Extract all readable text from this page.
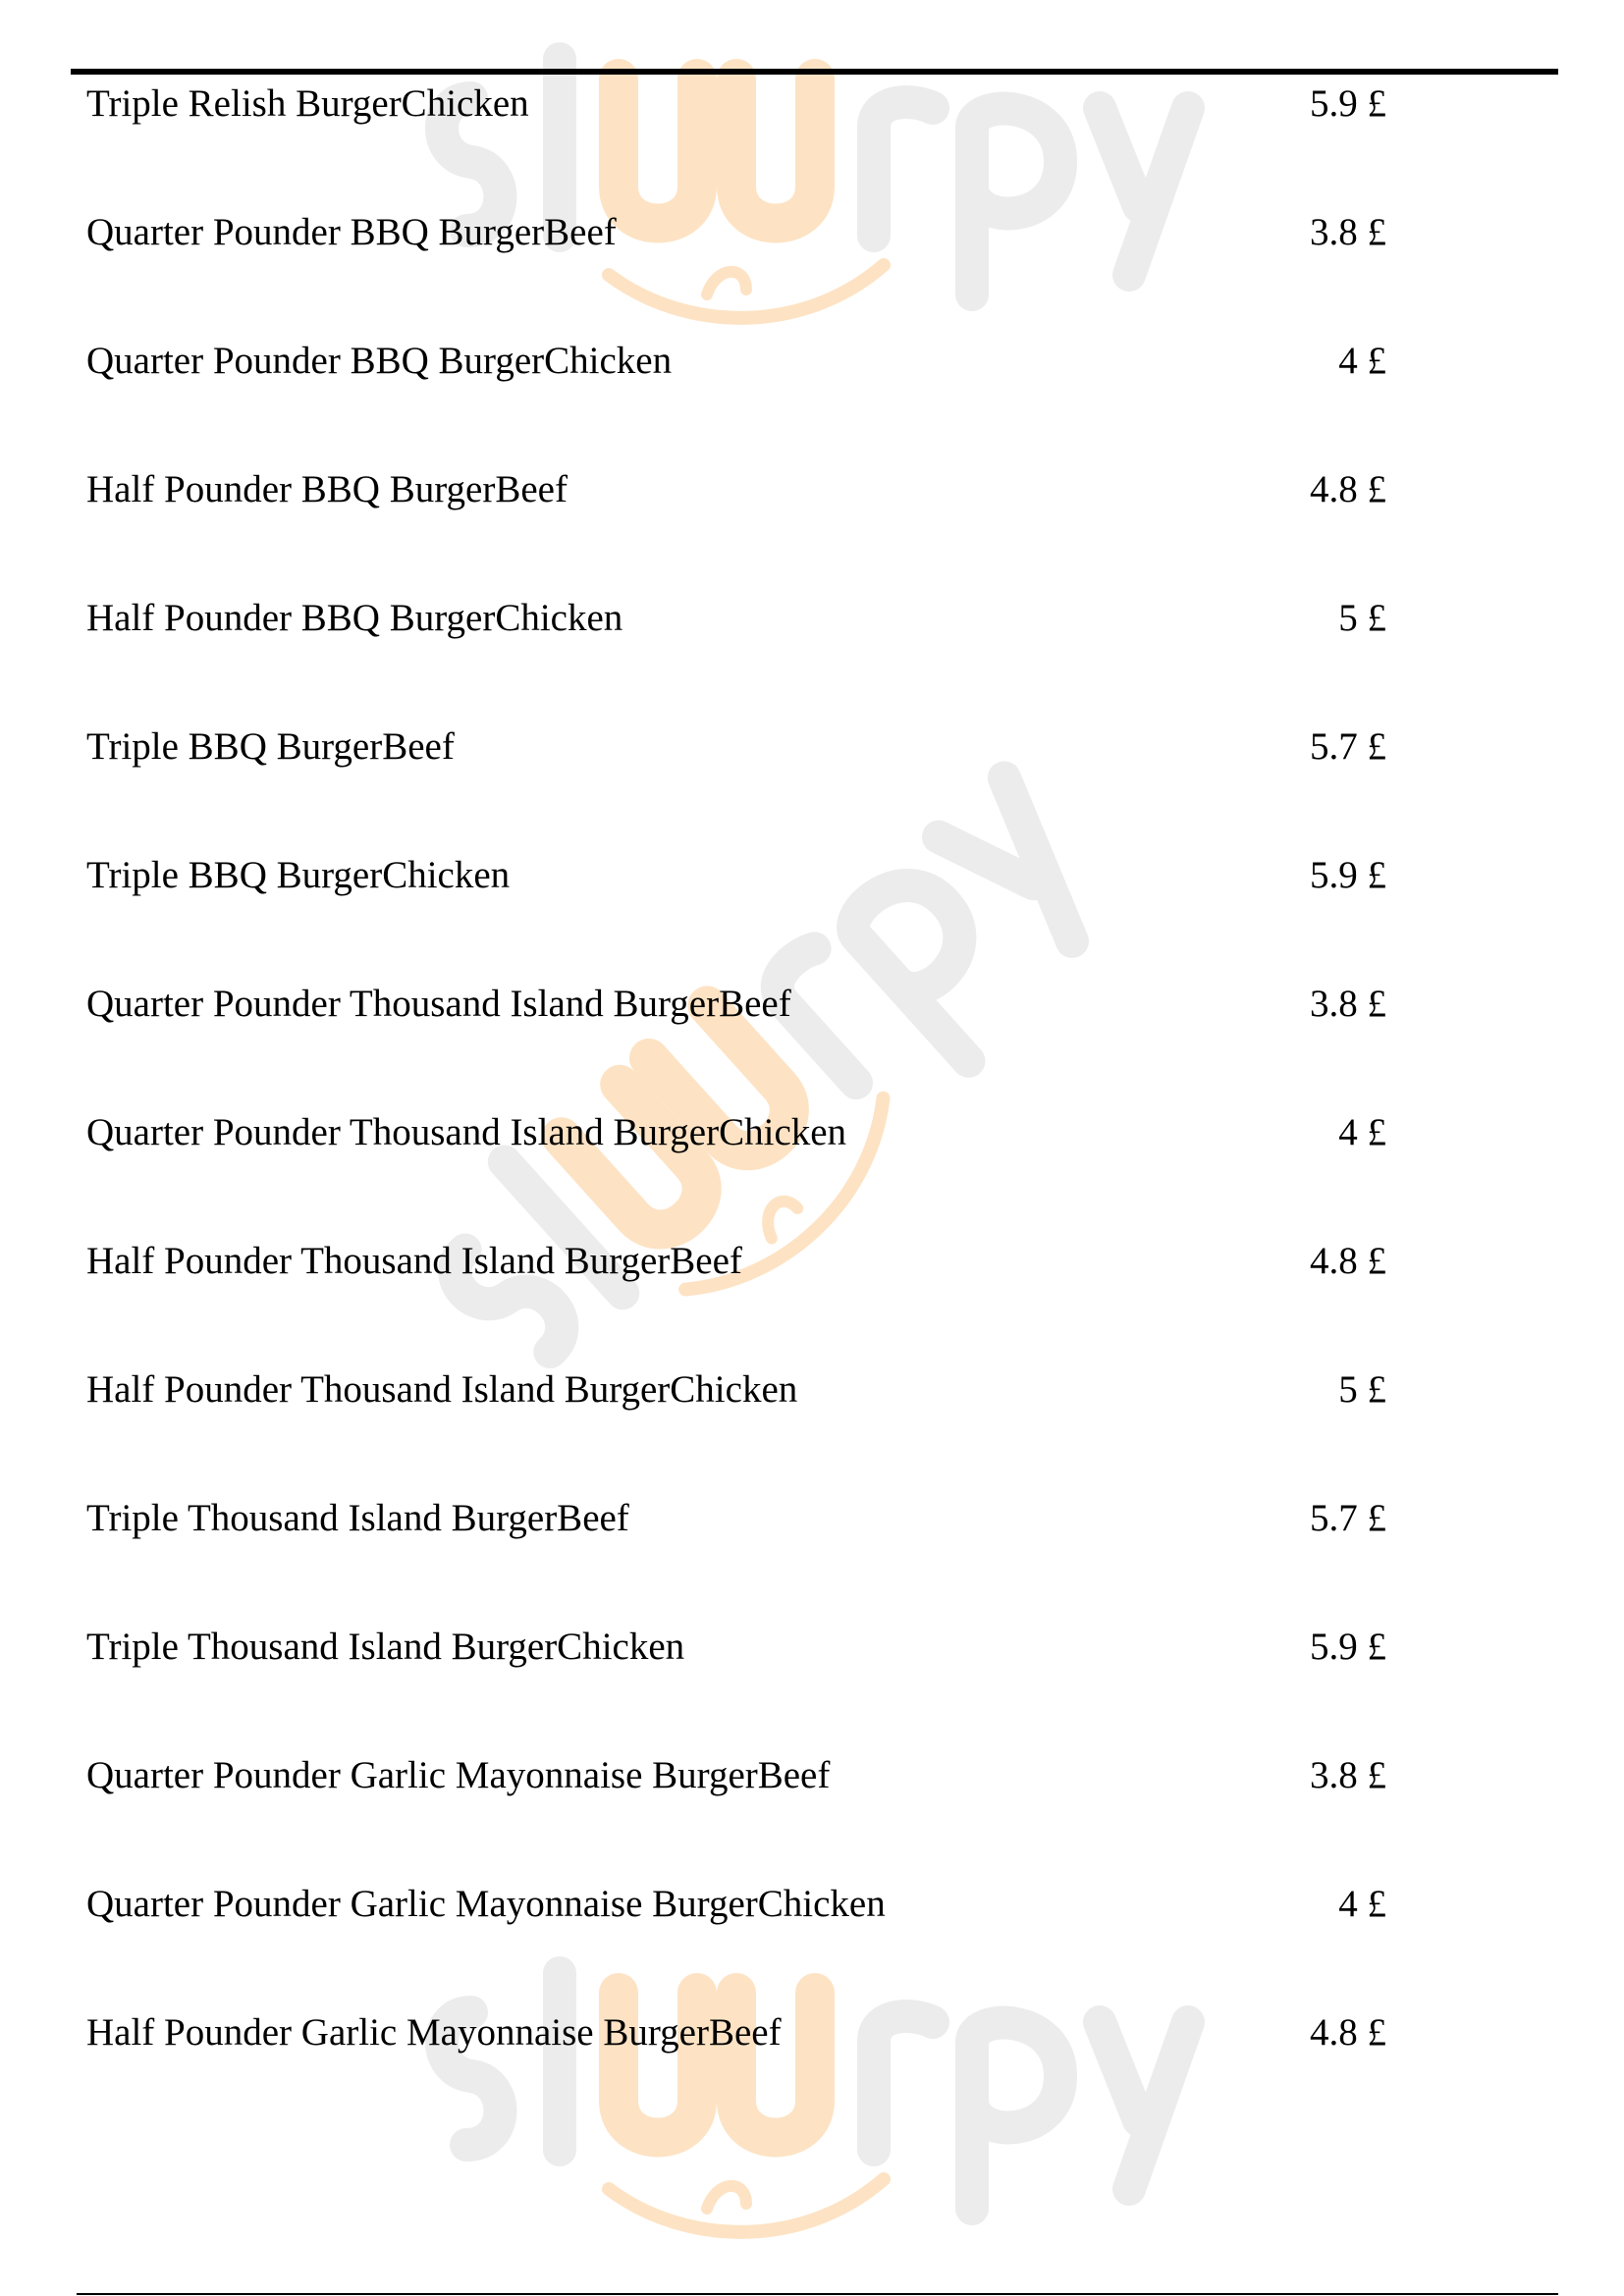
Triple Relish BurgerChicken	5.9 £
Quarter Pounder BBQ BurgerBeef	3.8 £
Quarter Pounder BBQ BurgerChicken	4 £
Half Pounder BBQ BurgerBeef	4.8 £
Half Pounder BBQ BurgerChicken	5 £
Triple BBQ BurgerBeef	5.7 £
Triple BBQ BurgerChicken	5.9 £
Quarter Pounder Thousand Island BurgerBeef	3.8 £
Quarter Pounder Thousand Island BurgerChicken	4 £
Half Pounder Thousand Island BurgerBeef	4.8 £
Half Pounder Thousand Island BurgerChicken	5 £
Triple Thousand Island BurgerBeef	5.7 £
Triple Thousand Island BurgerChicken	5.9 £
Quarter Pounder Garlic Mayonnaise BurgerBeef	3.8 £
Quarter Pounder Garlic Mayonnaise BurgerChicken	4 £
Half Pounder Garlic Mayonnaise BurgerBeef	4.8 £
